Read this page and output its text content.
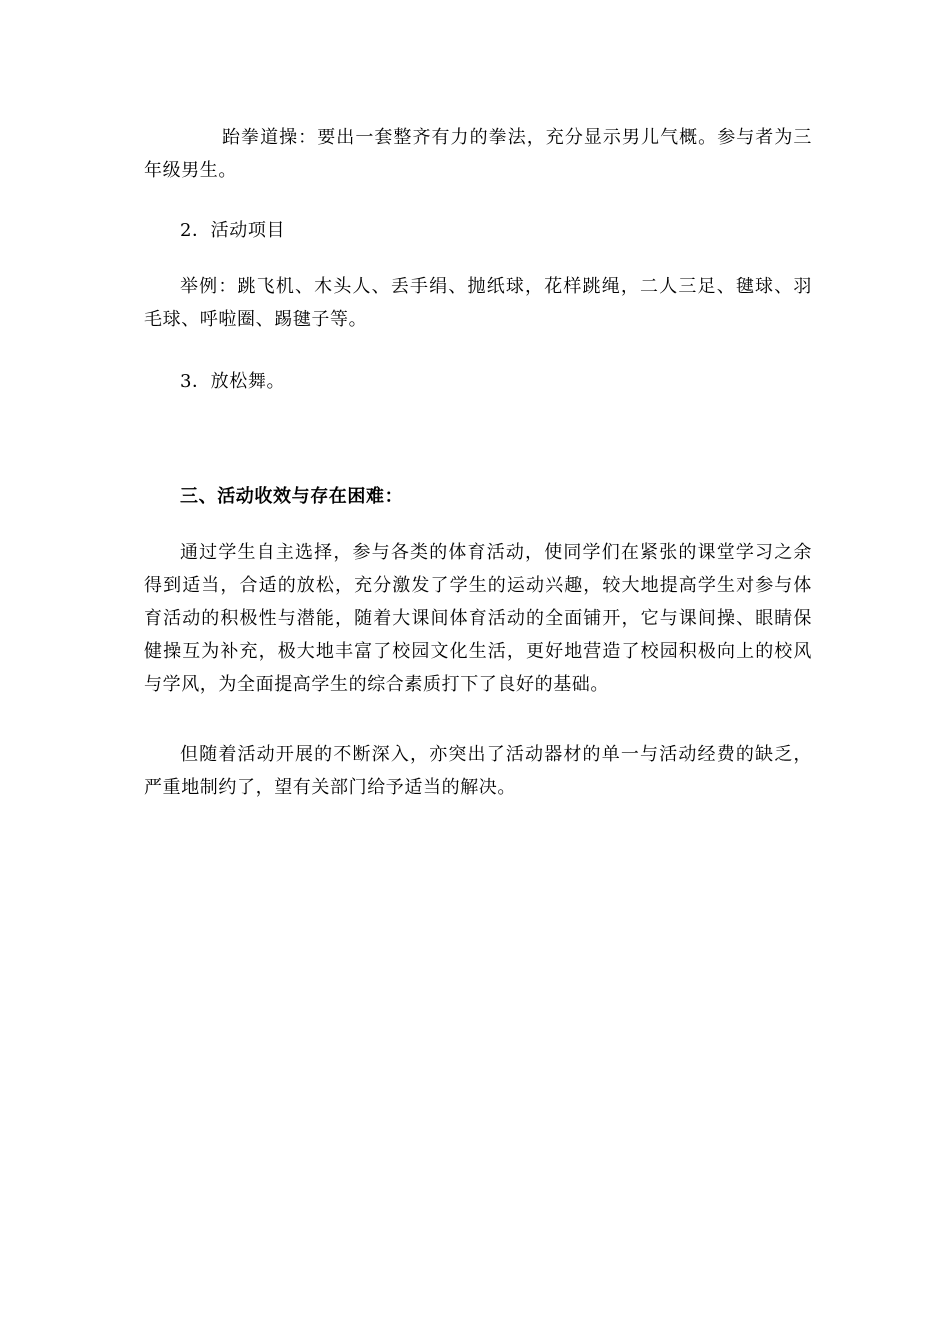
跆拳道操：要出一套整齐有力的拳法，充分显示男儿气概。参与者为三年级男生。

2．活动项目

举例：跳飞机、木头人、丢手绢、抛纸球，花样跳绳，二人三足、毽球、羽毛球、呼啦圈、踢毽子等。

3．放松舞。

三、活动收效与存在困难：

通过学生自主选择，参与各类的体育活动，使同学们在紧张的课堂学习之余得到适当，合适的放松，充分激发了学生的运动兴趣，较大地提高学生对参与体育活动的积极性与潜能，随着大课间体育活动的全面铺开，它与课间操、眼睛保健操互为补充，极大地丰富了校园文化生活，更好地营造了校园积极向上的校风与学风，为全面提高学生的综合素质打下了良好的基础。

但随着活动开展的不断深入，亦突出了活动器材的单一与活动经费的缺乏，严重地制约了，望有关部门给予适当的解决。
